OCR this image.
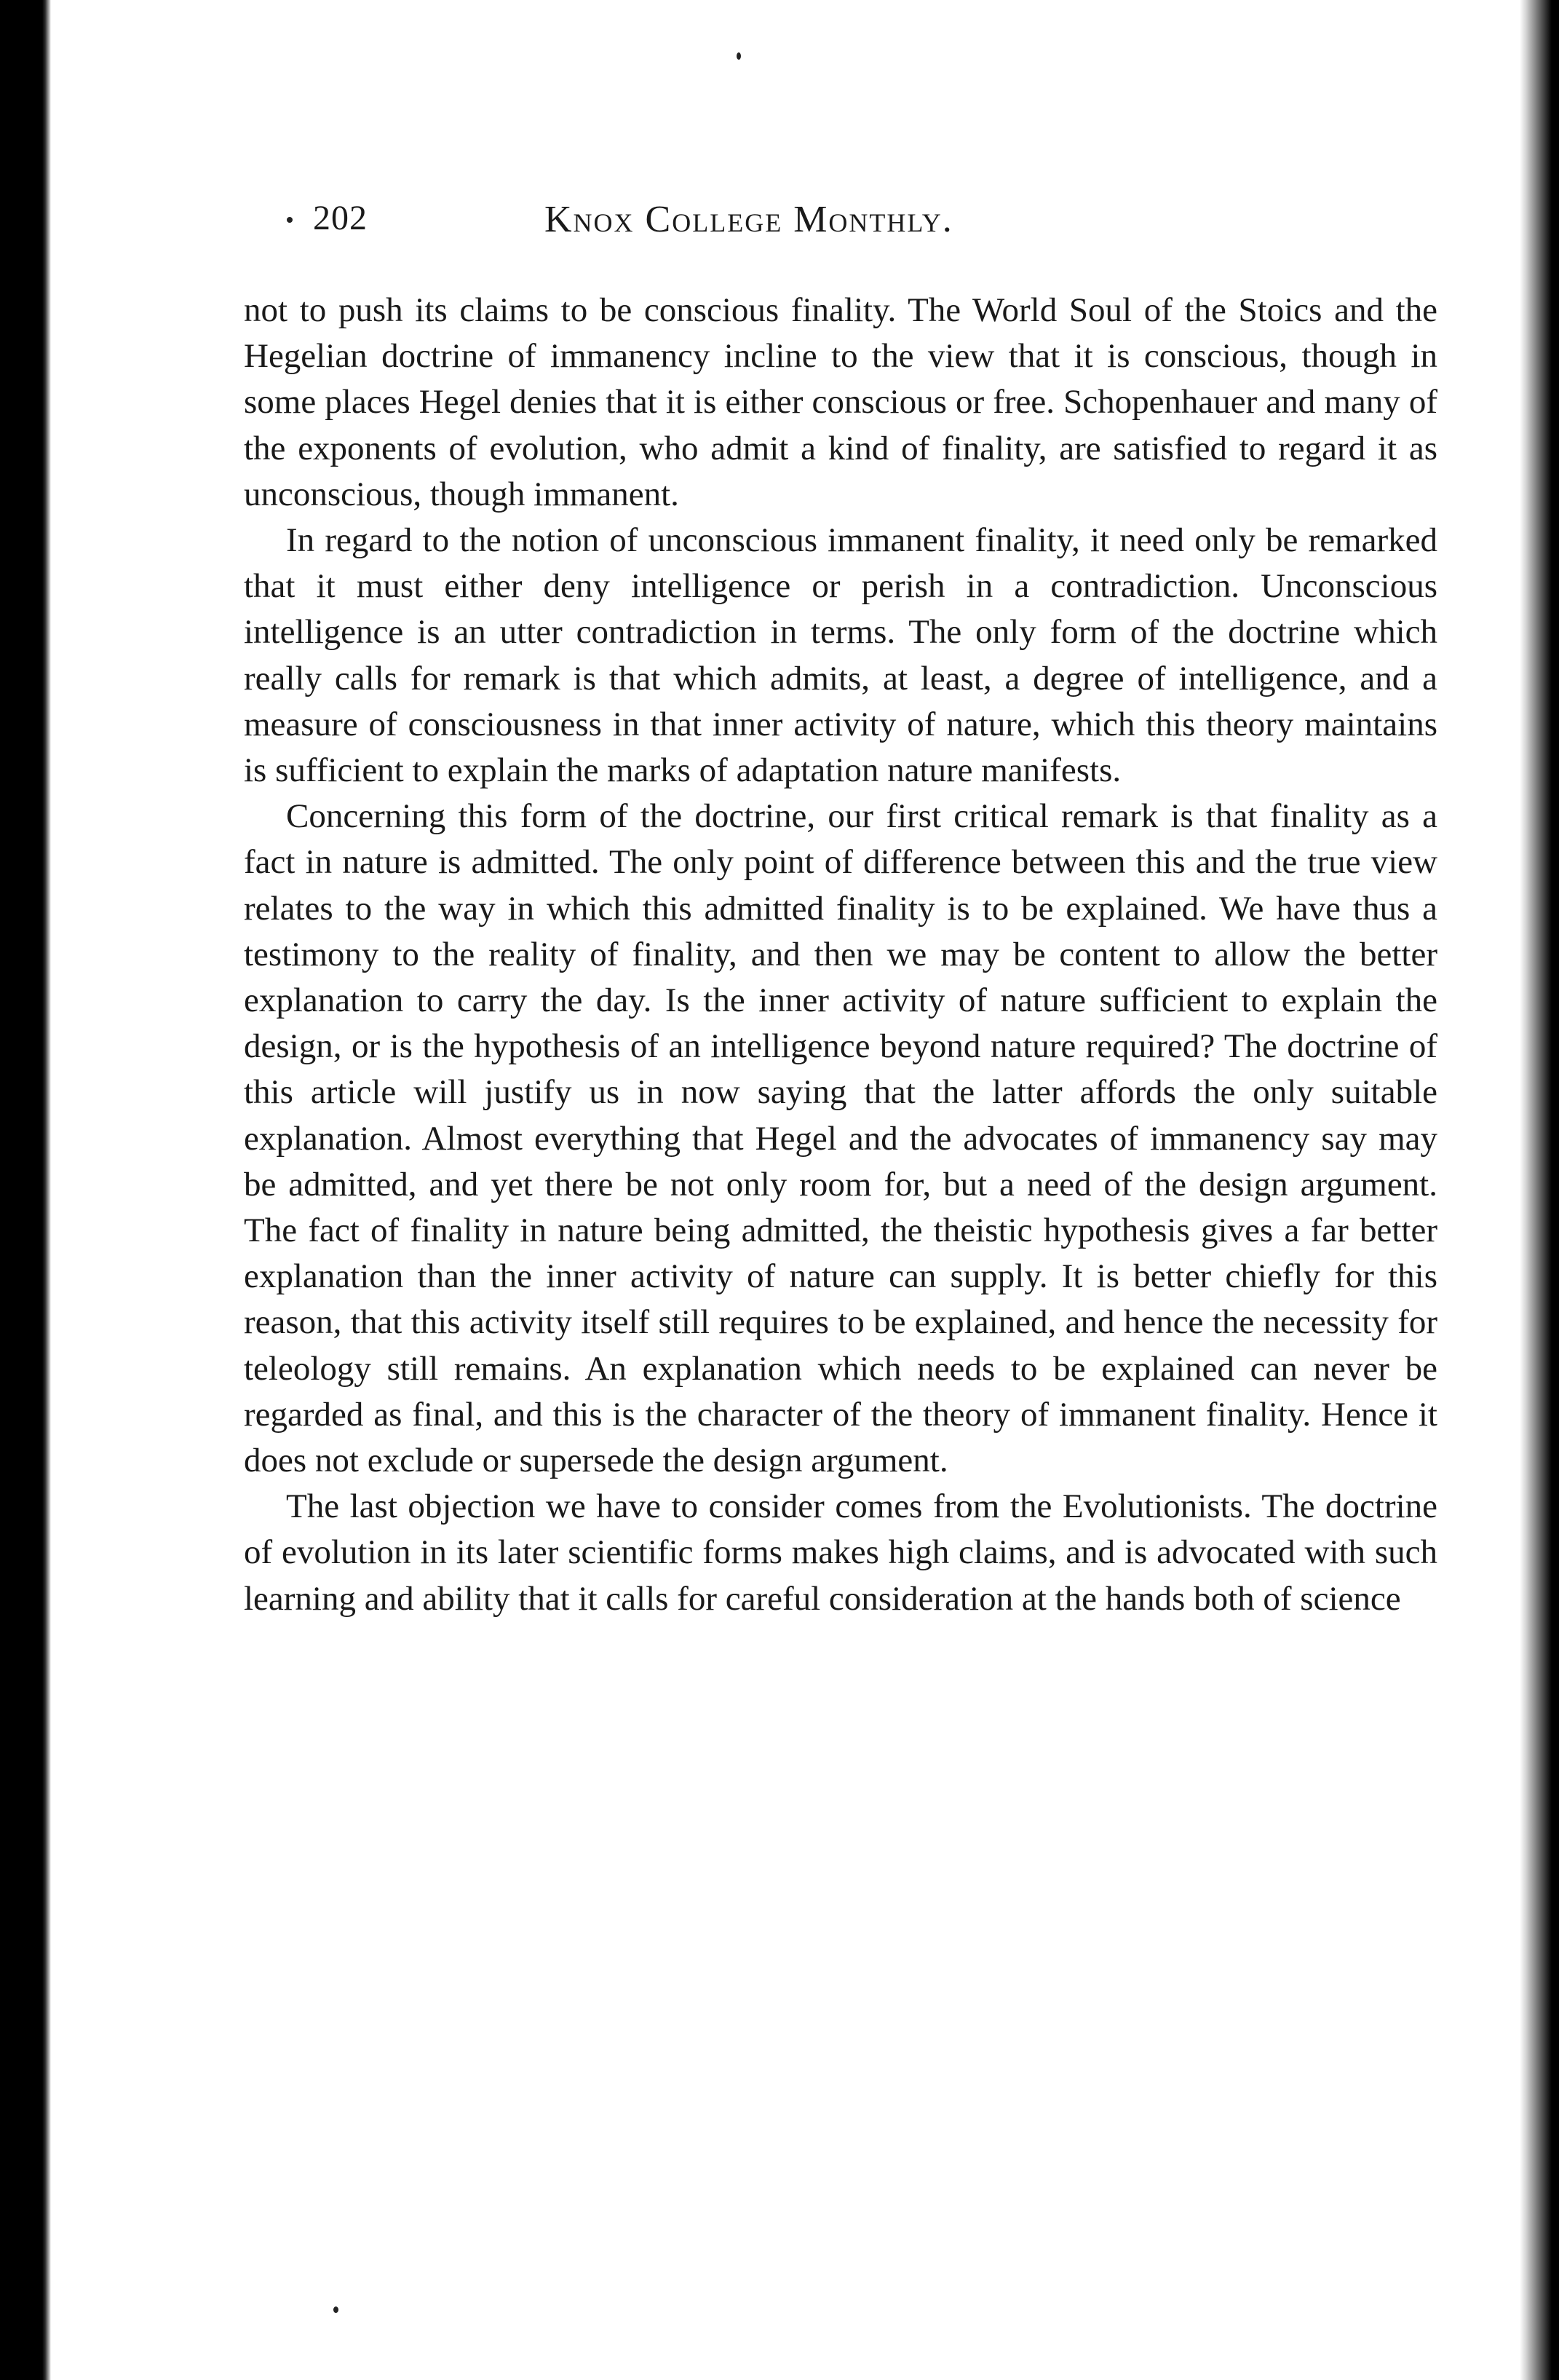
202	Knox College Monthly.

not to push its claims to be conscious finality. The World Soul of the Stoics and the Hegelian doctrine of immanency incline to the view that it is conscious, though in some places Hegel denies that it is either conscious or free. Schopenhauer and many of the exponents of evolution, who admit a kind of finality, are satisfied to regard it as unconscious, though immanent.

In regard to the notion of unconscious immanent finality, it need only be remarked that it must either deny intelligence or perish in a contradiction. Unconscious intelligence is an utter contradiction in terms. The only form of the doctrine which really calls for remark is that which admits, at least, a degree of intelligence, and a measure of consciousness in that inner activity of nature, which this theory maintains is sufficient to explain the marks of adaptation nature manifests.

Concerning this form of the doctrine, our first critical remark is that finality as a fact in nature is admitted. The only point of difference between this and the true view relates to the way in which this admitted finality is to be explained. We have thus a testimony to the reality of finality, and then we may be content to allow the better explanation to carry the day. Is the inner activity of nature sufficient to explain the design, or is the hypothesis of an intelligence beyond nature required? The doctrine of this article will justify us in now saying that the latter affords the only suitable explanation. Almost everything that Hegel and the advocates of immanency say may be admitted, and yet there be not only room for, but a need of the design argument. The fact of finality in nature being admitted, the theistic hypothesis gives a far better explanation than the inner activity of nature can supply. It is better chiefly for this reason, that this activity itself still requires to be explained, and hence the necessity for teleology still remains. An explanation which needs to be explained can never be regarded as final, and this is the character of the theory of immanent finality. Hence it does not exclude or supersede the design argument.

The last objection we have to consider comes from the Evolutionists. The doctrine of evolution in its later scientific forms makes high claims, and is advocated with such learning and ability that it calls for careful consideration at the hands both of science
